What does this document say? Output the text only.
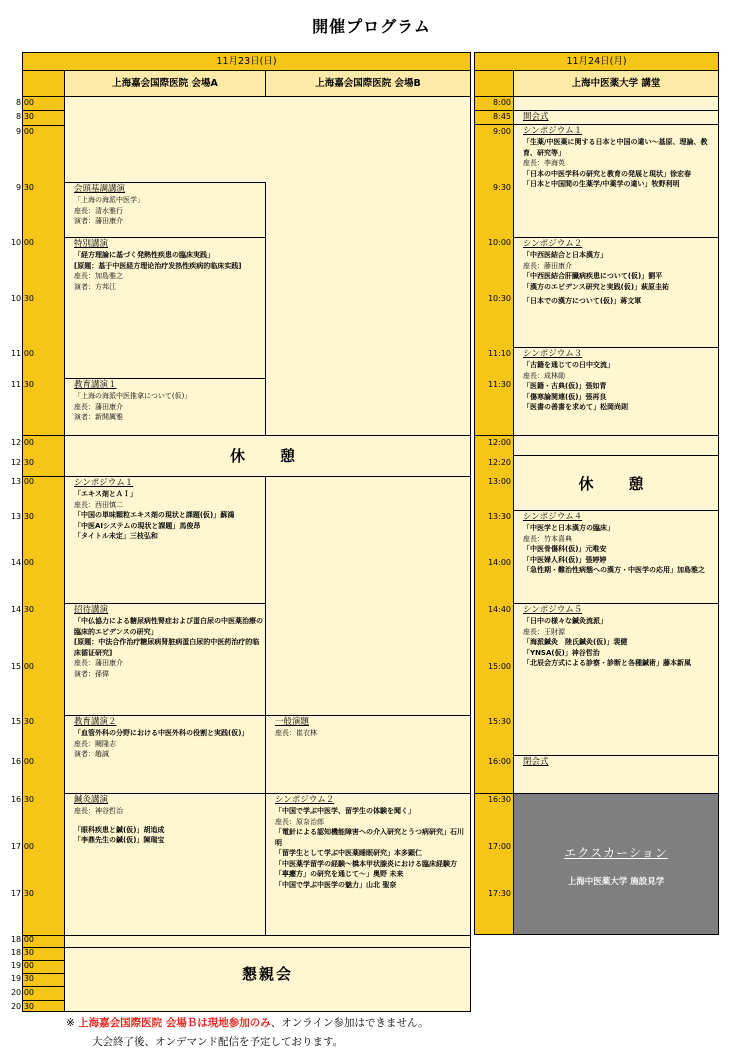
開催プログラム
11月23日(日)
上海嘉会国際医院 会場A	上海嘉会国際医院 会場B
8:00
8:30
9:00
9:30
10:00
10:30
11:00
11:30
12:00
12:30
13:00
13:30
14:00
14:30
15:00
15:30
16:00
16:30
17:00
17:30
18:00
18:30
19:00
19:30
20:00
20:30
会頭基調講演
「上海の海派中医学」
座長：清水雅行
演者：藩田康介
特別講演
「経方理論に基づく発熱性疾患の臨床実践」
[原題：基于中医経方理论治疗发热性疾病的临床实践]
座長：加島雅之
演者：方邦江
教育講演１
「上海の海派中医推拿について(仮)」
座長：藩田康介
演者：新開厲雅
休　憩
シンポジウム１
「エキス剤とＡＩ」
座長：西田慎二
「中国の単味顆粒エキス剤の現状と課題(仮)」蘇鴻
「中医AIシステムの現状と課題」馬俊昂
「タイトル未定」三枝弘和
招待講演
「中仏協力による糖尿病性腎症および蛋白尿の中医薬治療の臨床的エビデンスの研究」
[原題：中法合作治疗糖尿病肾脏病蛋白尿的中医药治疗的临床循证研究]
座長：藩田康介
演者：孫偉
教育講演２
「血管外科の分野における中医外科の役割と実践(仮)」
座長：闕隆志
演者：趙誠
一般演題
座長：崔衣林
鍼灸講演
座長：神谷哲治
「眼科疾患と鍼(仮)」胡追成
「李鼎先生の鍼(仮)」陳瑞宝
シンポジウム２
「中国で学ぶ中医学、留学生の体験を聞く」
座長：原奈治郎
「電針による認知機能障害への介入研究とうつ病研究」石川 明
「留学生として学ぶ中医薬睡眠研究」本多顕仁
「中医薬学留学の経験～橋本甲状腺炎における臨床経験方「寧癭方」の研究を通じて～」奥野 未来
「中国で学ぶ中医学の魅力」山北 聖奈
懇親会
11月24日(月)
上海中医薬大学 講堂
8:00
8:45
9:00
9:30
10:00
10:30
11:10
11:30
12:00
12:20
13:00
13:30
14:00
14:40
15:00
15:30
16:00
16:30
17:00
17:30
開会式
シンポジウム１
「生薬/中医薬に関する日本と中国の違い～基原、理論、教育、研究等」
座長：李海英
「日本の中医学科の研究と教育の発展と現状」徐宏春
「日本と中国間の生薬学/中薬学の違い」牧野利明
シンポジウム２
「中西医結合と日本漢方」
座長：藤田康介
「中西医結合肝臓病疾患について(仮)」劉平
「漢方のエビデンス研究と実践(仮)」萩原圭祐
「日本での漢方について(仮)」蒋文軍
シンポジウム３
「古籍を通じての日中交流」
座長：成林勛
「医籍・古典(仮)」張如青
「傷寒論関連(仮)」張再良
「医書の善書を求めて」松岡尚則
休　憩
シンポジウム４
「中医学と日本漢方の臨床」
座長：竹本喜典
「中医骨傷科(仮)」元唯安
「中医婦人科(仮)」張婷婷
「急性期・難治性病態への漢方・中医学の応用」加島雅之
シンポジウム５
「日中の様々な鍼灸流派」
座長：王財源
「海派鍼灸　陸氏鍼灸(仮)」裴健
「YNSA(仮)」神谷哲治
「北辰会方式による診察・診断と各種鍼術」藤本新風
閉会式
エクスカーション
上海中医薬大学 施設見学
※ 上海嘉会国際医院 会場Ｂは現地参加のみ、オンライン参加はできません。
大会終了後、オンデマンド配信を予定しております。
